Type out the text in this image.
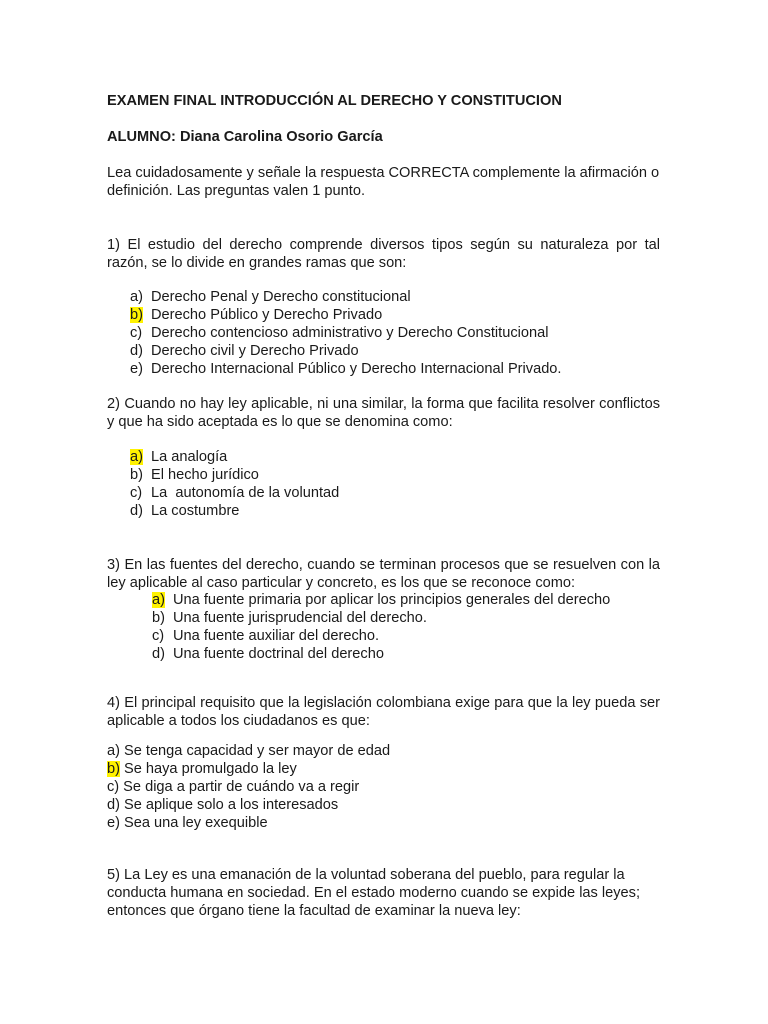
EXAMEN FINAL INTRODUCCIÓN AL DERECHO Y CONSTITUCION

ALUMNO: Diana Carolina Osorio García

Lea cuidadosamente y señale la respuesta CORRECTA complemente la afirmación o definición. Las preguntas valen 1 punto.

1) El estudio del derecho comprende diversos tipos según su naturaleza por tal razón, se lo divide en grandes ramas que son:

a) Derecho Penal y Derecho constitucional
b) Derecho Público y Derecho Privado
c) Derecho contencioso administrativo y Derecho Constitucional
d) Derecho civil y Derecho Privado
e) Derecho Internacional Público y Derecho Internacional Privado.

2) Cuando no hay ley aplicable, ni una similar, la forma que facilita resolver conflictos y que ha sido aceptada es lo que se denomina como:

a) La analogía
b) El hecho jurídico
c) La  autonomía de la voluntad
d) La costumbre

3) En las fuentes del derecho, cuando se terminan procesos que se resuelven con la ley aplicable al caso particular y concreto, es los que se reconoce como:

a) Una fuente primaria por aplicar los principios generales del derecho
b) Una fuente jurisprudencial del derecho.
c) Una fuente auxiliar del derecho.
d) Una fuente doctrinal del derecho

4) El principal requisito que la legislación colombiana exige para que la ley pueda ser aplicable a todos los ciudadanos es que:

a) Se tenga capacidad y ser mayor de edad
b) Se haya promulgado la ley
c) Se diga a partir de cuándo va a regir
d) Se aplique solo a los interesados
e) Sea una ley exequible

5) La Ley es una emanación de la voluntad soberana del pueblo, para regular la conducta humana en sociedad. En el estado moderno cuando se expide las leyes; entonces que órgano tiene la facultad de examinar la nueva ley:
